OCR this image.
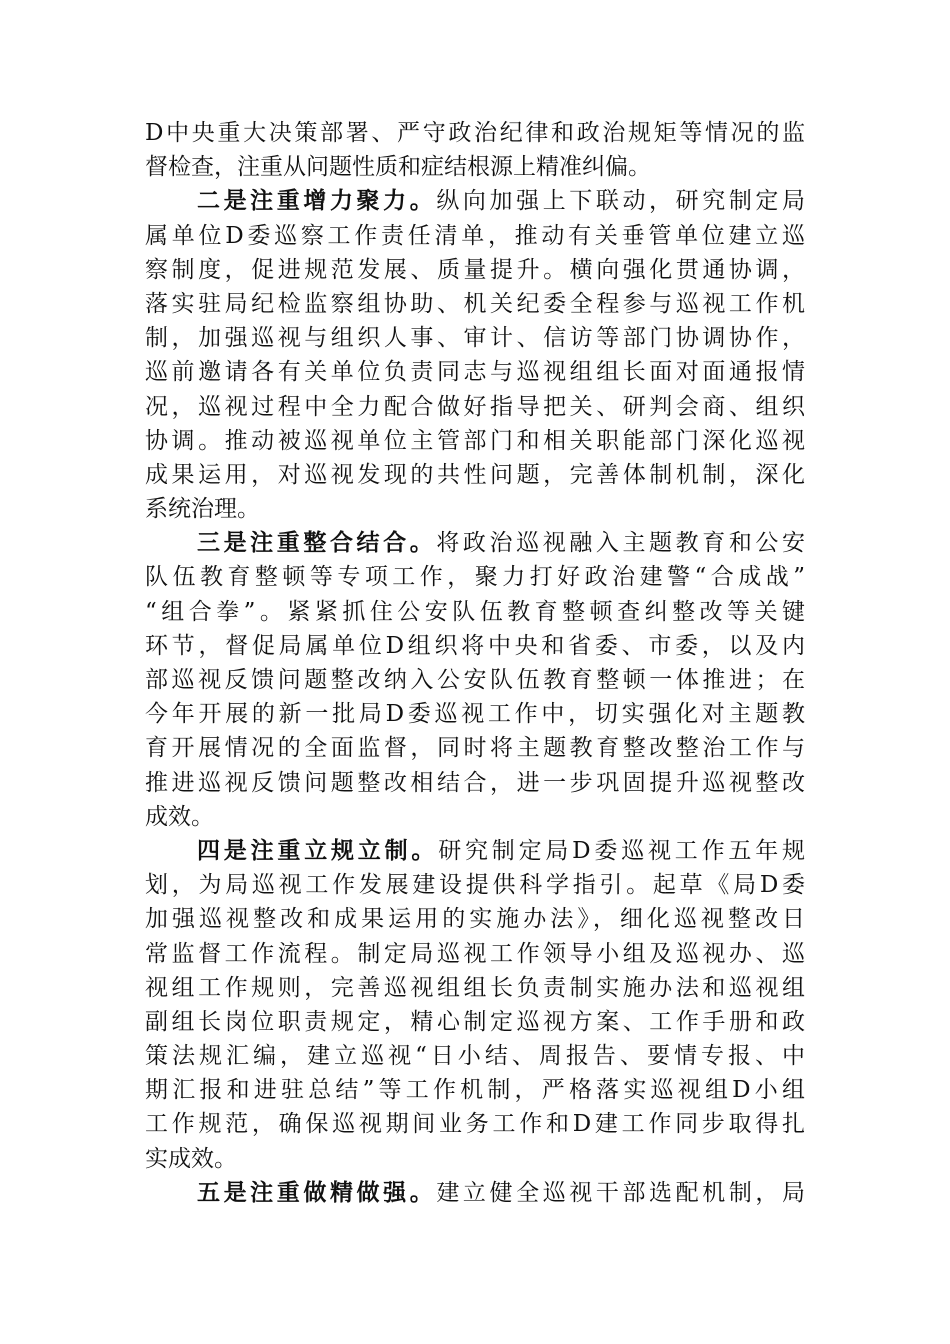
D中央重大决策部署、严守政治纪律和政治规矩等情况的监
督检查，注重从问题性质和症结根源上精准纠偏。
二是注重增力聚力。纵向加强上下联动，研究制定局
属单位D委巡察工作责任清单，推动有关垂管单位建立巡
察制度，促进规范发展、质量提升。横向强化贯通协调，
落实驻局纪检监察组协助、机关纪委全程参与巡视工作机
制，加强巡视与组织人事、审计、信访等部门协调协作，
巡前邀请各有关单位负责同志与巡视组组长面对面通报情
况，巡视过程中全力配合做好指导把关、研判会商、组织
协调。推动被巡视单位主管部门和相关职能部门深化巡视
成果运用，对巡视发现的共性问题，完善体制机制，深化
系统治理。
三是注重整合结合。将政治巡视融入主题教育和公安
队伍教育整顿等专项工作，聚力打好政治建警“合成战”
“组合拳”。紧紧抓住公安队伍教育整顿查纠整改等关键
环节，督促局属单位D组织将中央和省委、市委，以及内
部巡视反馈问题整改纳入公安队伍教育整顿一体推进；在
今年开展的新一批局D委巡视工作中，切实强化对主题教
育开展情况的全面监督，同时将主题教育整改整治工作与
推进巡视反馈问题整改相结合，进一步巩固提升巡视整改
成效。
四是注重立规立制。研究制定局D委巡视工作五年规
划，为局巡视工作发展建设提供科学指引。起草《局D委
加强巡视整改和成果运用的实施办法》，细化巡视整改日
常监督工作流程。制定局巡视工作领导小组及巡视办、巡
视组工作规则，完善巡视组组长负责制实施办法和巡视组
副组长岗位职责规定，精心制定巡视方案、工作手册和政
策法规汇编，建立巡视“日小结、周报告、要情专报、中
期汇报和进驻总结”等工作机制，严格落实巡视组D小组
工作规范，确保巡视期间业务工作和D建工作同步取得扎
实成效。
五是注重做精做强。建立健全巡视干部选配机制，局
